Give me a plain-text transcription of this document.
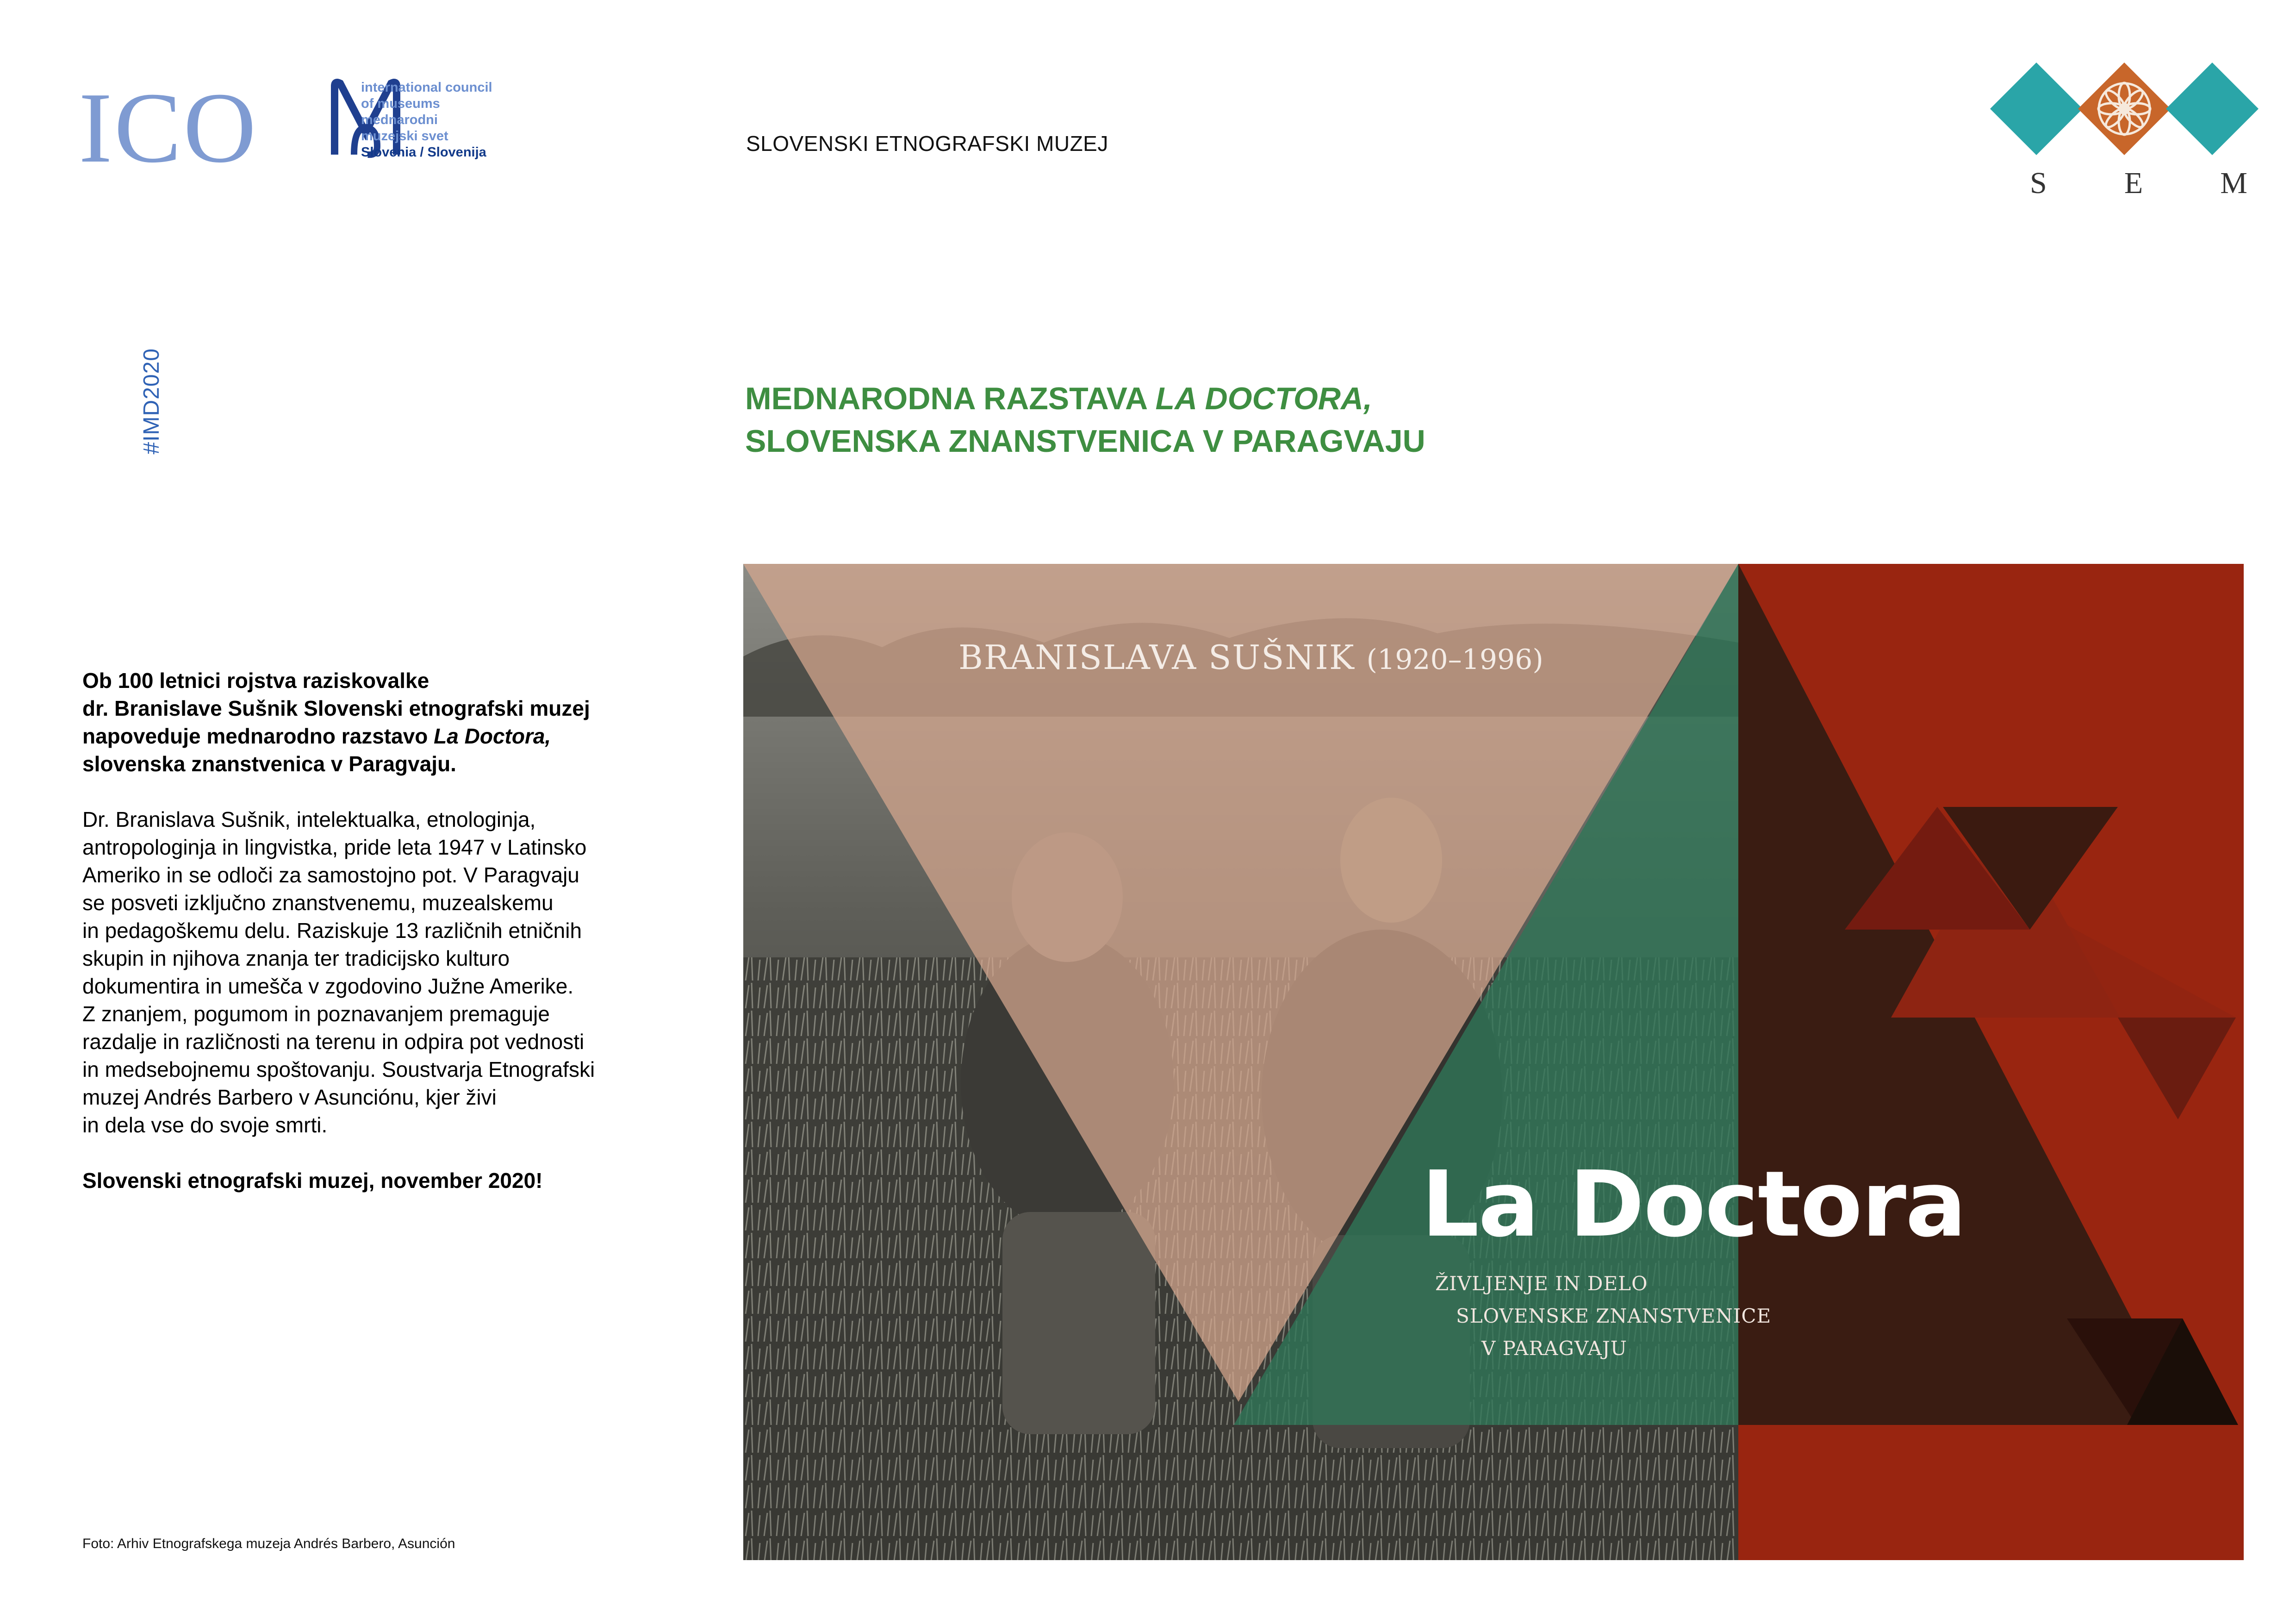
ICO	international council
of museums
mednarodni
muzejski svet
Slovenia / Slovenija	SLOVENSKI ETNOGRAFSKI MUZEJ
S	E	M
#IMD2020	MEDNARODNA RAZSTAVA LA DOCTORA,
SLOVENSKA ZNANSTVENICA V PARAGVAJU

Ob 100 letnici rojstva raziskovalke
dr. Branislave Sušnik Slovenski etnografski muzej
napoveduje mednarodno razstavo La Doctora,
slovenska znanstvenica v Paragvaju.

Dr. Branislava Sušnik, intelektualka, etnologinja,
antropologinja in lingvistka, pride leta 1947 v Latinsko
Ameriko in se odloči za samostojno pot. V Paragvaju
se posveti izključno znanstvenemu, muzealskemu
in pedagoškemu delu. Raziskuje 13 različnih etničnih
skupin in njihova znanja ter tradicijsko kulturo
dokumentira in umešča v zgodovino Južne Amerike.
Z znanjem, pogumom in poznavanjem premaguje
razdalje in različnosti na terenu in odpira pot vednosti
in medsebojnemu spoštovanju. Soustvarja Etnografski
muzej Andrés Barbero v Asunciónu, kjer živi
in dela vse do svoje smrti.

Slovenski etnografski muzej, november 2020!

Foto: Arhiv Etnografskega muzeja Andrés Barbero, Asunción
BRANISLAVA SUŠNIK (1920–1996)
La Doctora
ŽIVLJENJE IN DELO
SLOVENSKE ZNANSTVENICE
V PARAGVAJU
